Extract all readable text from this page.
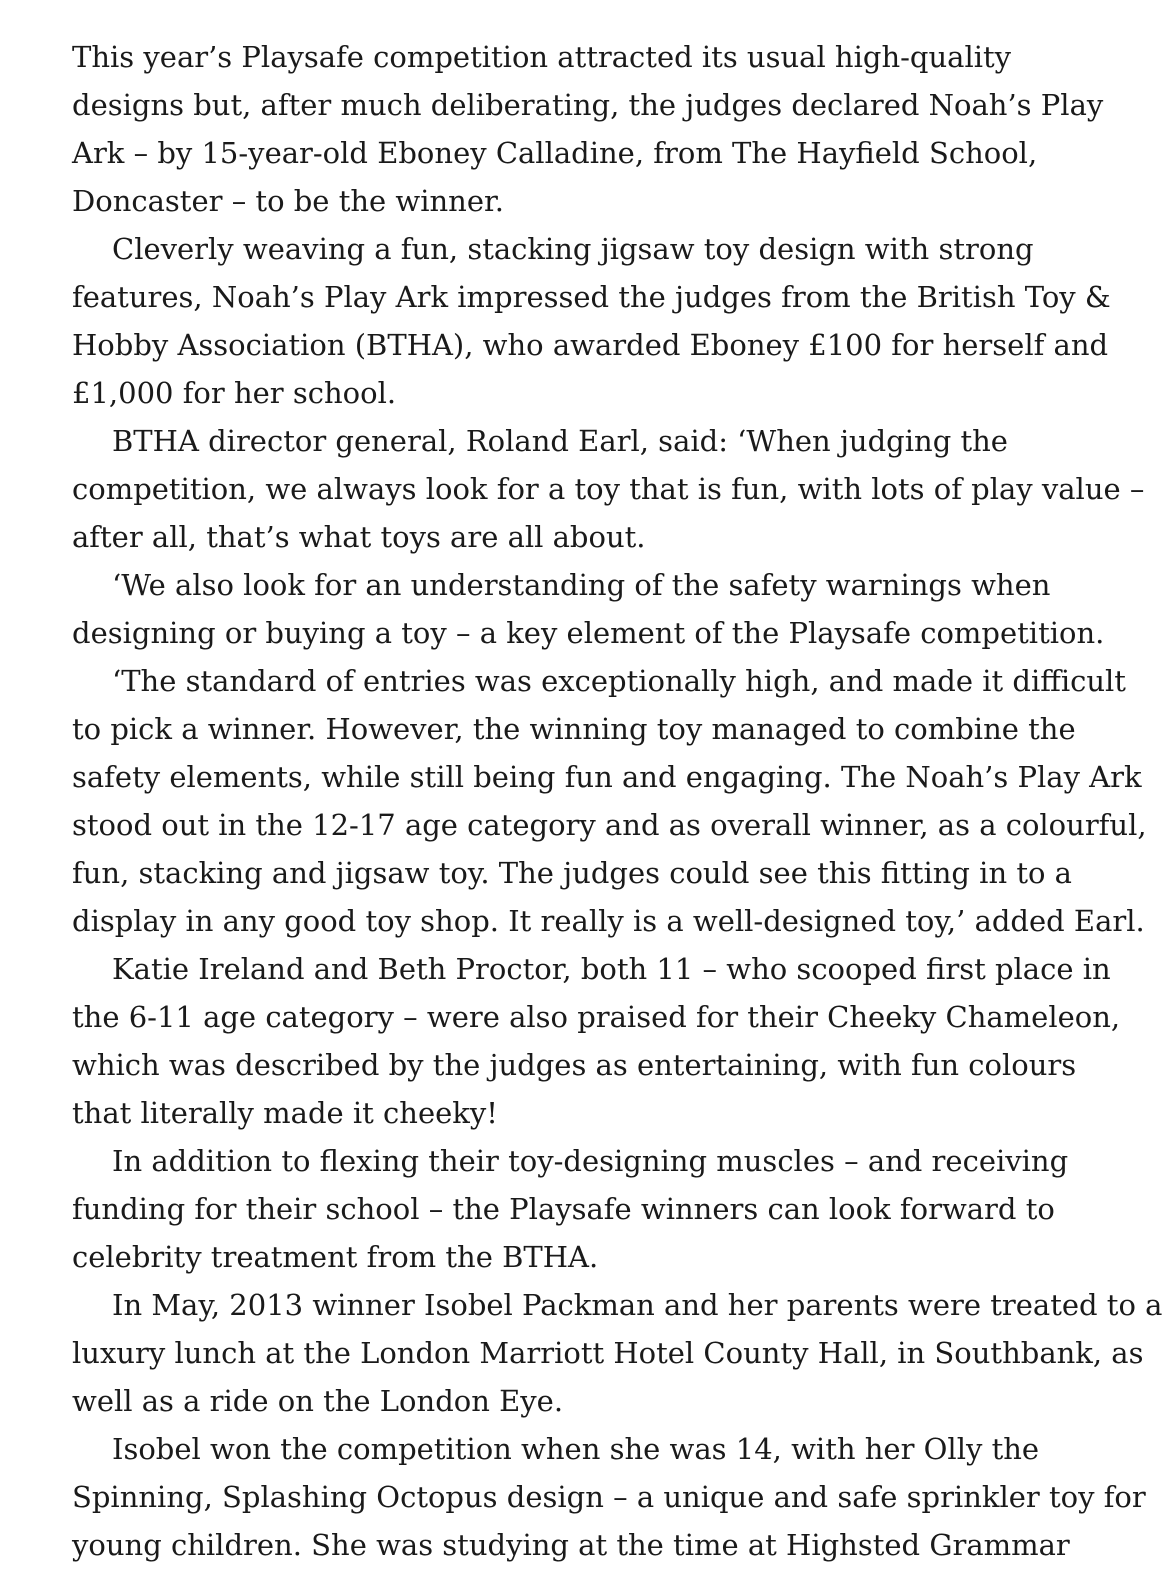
This year’s Playsafe competition attracted its usual high-quality
designs but, after much deliberating, the judges declared Noah’s Play
Ark – by 15-year-old Eboney Calladine, from The Hayfield School,
Doncaster – to be the winner.
Cleverly weaving a fun, stacking jigsaw toy design with strong
features, Noah’s Play Ark impressed the judges from the British Toy &
Hobby Association (BTHA), who awarded Eboney £100 for herself and
£1,000 for her school.
BTHA director general, Roland Earl, said: ‘When judging the
competition, we always look for a toy that is fun, with lots of play value –
after all, that’s what toys are all about.
‘We also look for an understanding of the safety warnings when
designing or buying a toy – a key element of the Playsafe competition.
‘The standard of entries was exceptionally high, and made it difficult
to pick a winner. However, the winning toy managed to combine the
safety elements, while still being fun and engaging. The Noah’s Play Ark
stood out in the 12-17 age category and as overall winner, as a colourful,
fun, stacking and jigsaw toy. The judges could see this fitting in to a
display in any good toy shop. It really is a well-designed toy,’ added Earl.
Katie Ireland and Beth Proctor, both 11 – who scooped first place in
the 6-11 age category – were also praised for their Cheeky Chameleon,
which was described by the judges as entertaining, with fun colours
that literally made it cheeky!
In addition to flexing their toy-designing muscles – and receiving
funding for their school – the Playsafe winners can look forward to
celebrity treatment from the BTHA.
In May, 2013 winner Isobel Packman and her parents were treated to a
luxury lunch at the London Marriott Hotel County Hall, in Southbank, as
well as a ride on the London Eye.
Isobel won the competition when she was 14, with her Olly the
Spinning, Splashing Octopus design – a unique and safe sprinkler toy for
young children. She was studying at the time at Highsted Grammar
